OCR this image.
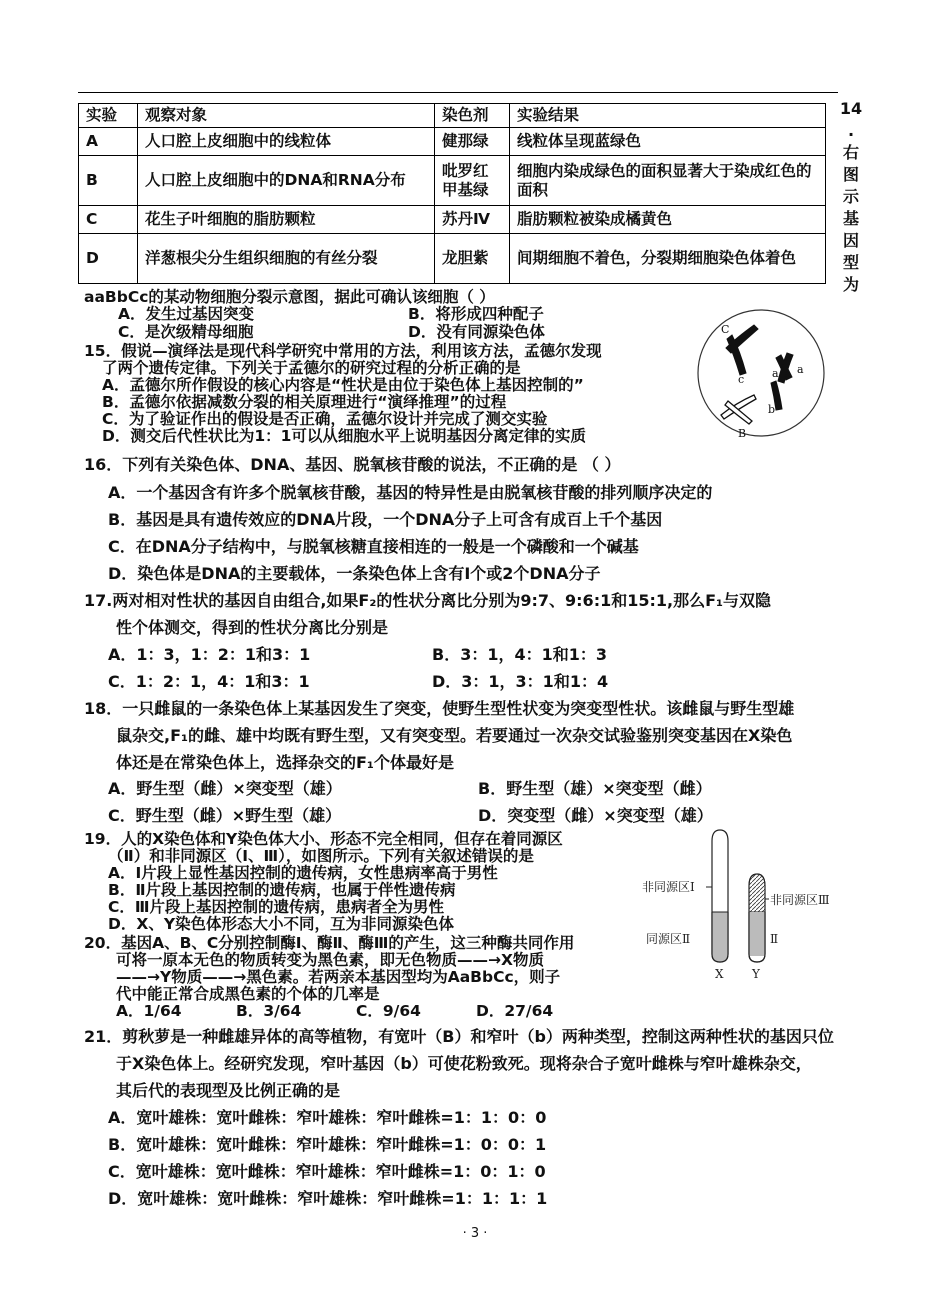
实验	观察对象	染色剂	实验结果
A	人口腔上皮细胞中的线粒体	健那绿	线粒体呈现蓝绿色
B	人口腔上皮细胞中的DNA和RNA分布	吡罗红甲基绿	细胞内染成绿色的面积显著大于染成红色的面积
C	花生子叶细胞的脂肪颗粒	苏丹Ⅳ	脂肪颗粒被染成橘黄色
D	洋葱根尖分生组织细胞的有丝分裂	龙胆紫	间期细胞不着色，分裂期细胞染色体着色
14
.
右
图
示
基
因
型
为
aaBbCc的某动物细胞分裂示意图，据此可确认该细胞（ ）
A．发生过基因突变	B．将形成四种配子
C．是次级精母细胞	D．没有同源染色体	C
c	a a
b
B
15．假说—演绎法是现代科学研究中常用的方法，利用该方法，孟德尔发现
了两个遗传定律。下列关于孟德尔的研究过程的分析正确的是
A．孟德尔所作假设的核心内容是“性状是由位于染色体上基因控制的”
B．孟德尔依据减数分裂的相关原理进行“演绎推理”的过程
C．为了验证作出的假设是否正确，孟德尔设计并完成了测交实验
D．测交后代性状比为1：1可以从细胞水平上说明基因分离定律的实质
16．下列有关染色体、DNA、基因、脱氧核苷酸的说法，不正确的是 （ ）
A．一个基因含有许多个脱氧核苷酸，基因的特异性是由脱氧核苷酸的排列顺序决定的
B．基因是具有遗传效应的DNA片段，一个DNA分子上可含有成百上千个基因
C．在DNA分子结构中，与脱氧核糖直接相连的一般是一个磷酸和一个碱基
D．染色体是DNA的主要载体，一条染色体上含有Ⅰ个或2个DNA分子
17.两对相对性状的基因自由组合,如果F₂的性状分离比分别为9:7、9:6:1和15:1,那么F₁与双隐
性个体测交，得到的性状分离比分别是
A．1：3，1：2：1和3：1	B．3：1，4：1和1：3
C．1：2：1，4：1和3：1	D．3：1，3：1和1：4
18．一只雌鼠的一条染色体上某基因发生了突变，使野生型性状变为突变型性状。该雌鼠与野生型雄
鼠杂交,F₁的雌、雄中均既有野生型，又有突变型。若要通过一次杂交试验鉴别突变基因在X染色
体还是在常染色体上，选择杂交的F₁个体最好是
A．野生型（雌）×突变型（雄）	B．野生型（雄）×突变型（雌）
C．野生型（雌）×野生型（雄）	D．突变型（雌）×突变型（雄）
19．人的X染色体和Y染色体大小、形态不完全相同，但存在着同源区
（Ⅱ）和非同源区（Ⅰ、Ⅲ），如图所示。下列有关叙述错误的是
A．Ⅰ片段上显性基因控制的遗传病，女性患病率高于男性
B．Ⅱ片段上基因控制的遗传病，也属于伴性遗传病
C．Ⅲ片段上基因控制的遗传病，患病者全为男性
D．X、Y染色体形态大小不同，互为非同源染色体
非同源区Ⅰ
非同源区Ⅲ
同源区Ⅱ	Ⅱ
X Y
20．基因A、B、C分别控制酶Ⅰ、酶Ⅱ、酶Ⅲ的产生，这三种酶共同作用
可将一原本无色的物质转变为黑色素，即无色物质——→X物质
——→Y物质——→黑色素。若两亲本基因型均为AaBbCc，则子
代中能正常合成黑色素的个体的几率是
A．1/64	B．3/64	C．9/64	D．27/64
21．剪秋萝是一种雌雄异体的高等植物，有宽叶（B）和窄叶（b）两种类型，控制这两种性状的基因只位
于X染色体上。经研究发现，窄叶基因（b）可使花粉致死。现将杂合子宽叶雌株与窄叶雄株杂交，
其后代的表现型及比例正确的是
A．宽叶雄株：宽叶雌株：窄叶雄株：窄叶雌株=1：1：0：0
B．宽叶雄株：宽叶雌株：窄叶雄株：窄叶雌株=1：0：0：1
C．宽叶雄株：宽叶雌株：窄叶雄株：窄叶雌株=1：0：1：0
D．宽叶雄株：宽叶雌株：窄叶雄株：窄叶雌株=1：1：1：1
· 3 ·
